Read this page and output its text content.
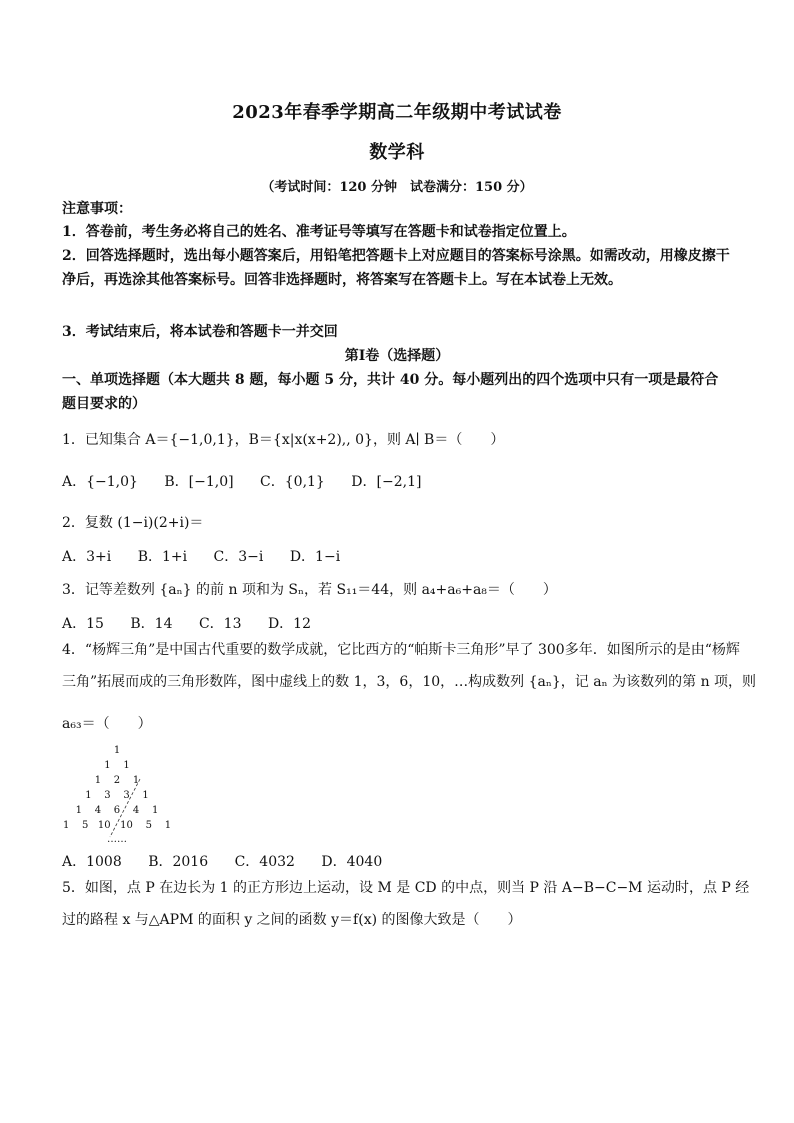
2023年春季学期高二年级期中考试试卷
数学科
（考试时间：120 分钟　试卷满分：150 分）
注意事项：
1．答卷前，考生务必将自己的姓名、准考证号等填写在答题卡和试卷指定位置上。
2．回答选择题时，选出每小题答案后，用铅笔把答题卡上对应题目的答案标号涂黑。如需改动，用橡皮擦干净后，再选涂其他答案标号。回答非选择题时，将答案写在答题卡上。写在本试卷上无效。
3．考试结束后，将本试卷和答题卡一并交回
第Ⅰ卷（选择题）
一、单项选择题（本大题共 8 题，每小题 5 分，共计 40 分。每小题列出的四个选项中只有一项是最符合题目要求的）
1．已知集合 A＝{−1,0,1}，B＝{x|x(x+2),, 0}，则 A∣ B＝（　　）
A．{−1,0} B．[−1,0] C．{0,1} D．[−2,1]
2．复数 (1−i)(2+i)＝
A．3+i B．1+i C．3−i D．1−i
3．记等差数列 {aₙ} 的前 n 项和为 Sₙ，若 S₁₁＝44，则 a₄+a₆+a₈＝（　　）
A．15 B．14 C．13 D．12
4．“杨辉三角”是中国古代重要的数学成就，它比西方的“帕斯卡三角形”早了 300多年．如图所示的是由“杨辉
三角”拓展而成的三角形数阵，图中虚线上的数 1，3，6，10，…构成数列 {aₙ}，记 aₙ 为该数列的第 n 项，则
a₆₃＝（　　）
1
1    1
1    2    1
1    3    3    1
1    4    6    4    1
1    5   10   10    5    1
……
A．1008 B．2016 C．4032 D．4040
5．如图，点 P 在边长为 1 的正方形边上运动，设 M 是 CD 的中点，则当 P 沿 A−B−C−M 运动时，点 P 经
过的路程 x 与△APM 的面积 y 之间的函数 y＝f(x) 的图像大致是（　　）
